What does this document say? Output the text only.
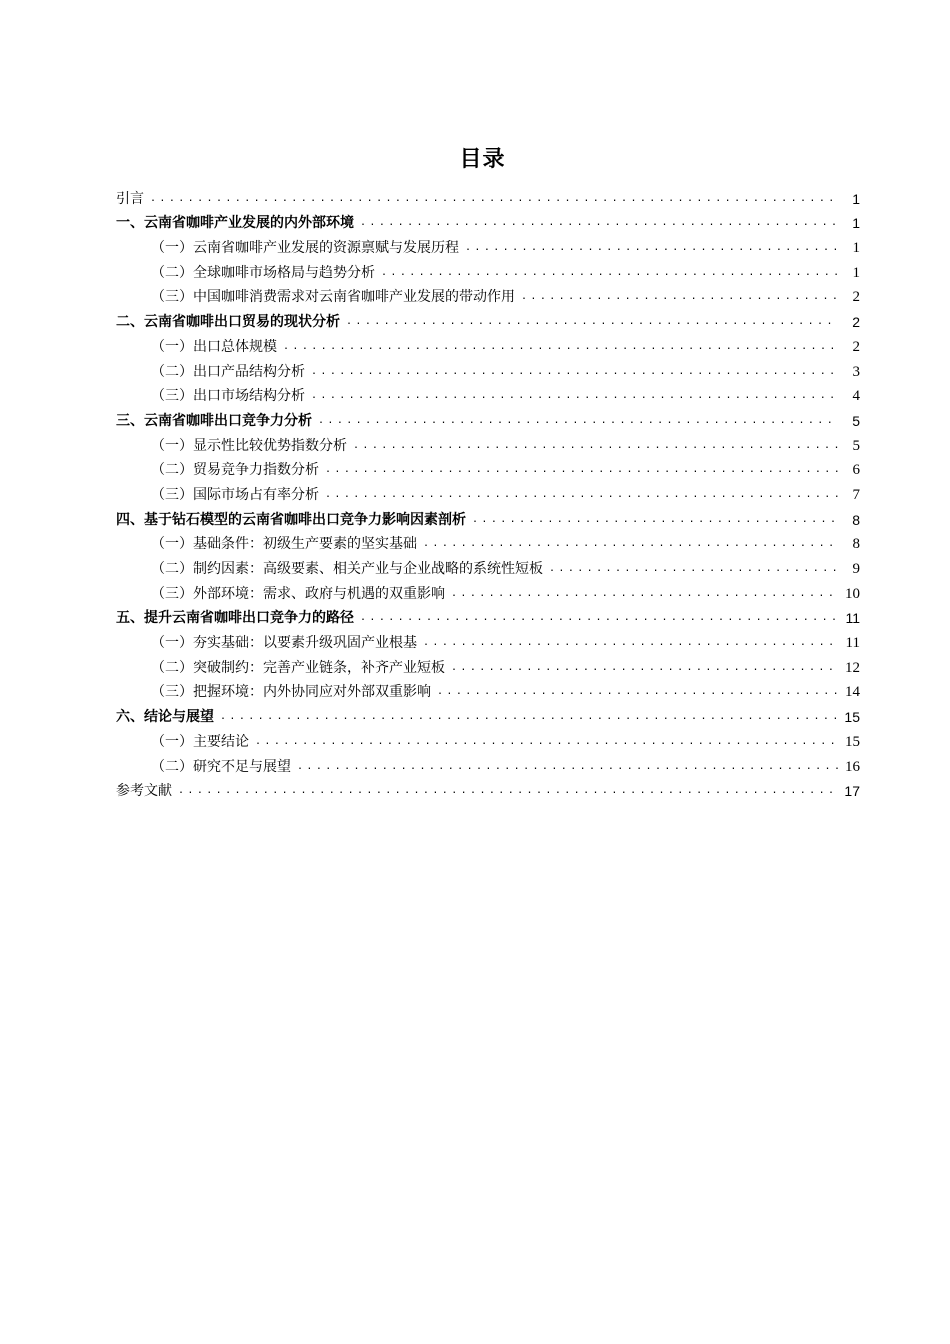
目录
引言 .....	1
一、云南省咖啡产业发展的内外部环境 .....	1
（一）云南省咖啡产业发展的资源禀赋与发展历程 .....	1
（二）全球咖啡市场格局与趋势分析 .....	1
（三）中国咖啡消费需求对云南省咖啡产业发展的带动作用 .....	2
二、云南省咖啡出口贸易的现状分析 .....	2
（一）出口总体规模 .....	2
（二）出口产品结构分析 .....	3
（三）出口市场结构分析 .....	4
三、云南省咖啡出口竞争力分析 .....	5
（一）显示性比较优势指数分析 .....	5
（二）贸易竞争力指数分析 .....	6
（三）国际市场占有率分析 .....	7
四、基于钻石模型的云南省咖啡出口竞争力影响因素剖析 .....	8
（一）基础条件：初级生产要素的坚实基础 .....	8
（二）制约因素：高级要素、相关产业与企业战略的系统性短板 .....	9
（三）外部环境：需求、政府与机遇的双重影响 .....	10
五、提升云南省咖啡出口竞争力的路径 .....	11
（一）夯实基础：以要素升级巩固产业根基 .....	11
（二）突破制约：完善产业链条，补齐产业短板 .....	12
（三）把握环境：内外协同应对外部双重影响 .....	14
六、结论与展望 .....	15
（一）主要结论 .....	15
（二）研究不足与展望 .....	16
参考文献 .....	17
